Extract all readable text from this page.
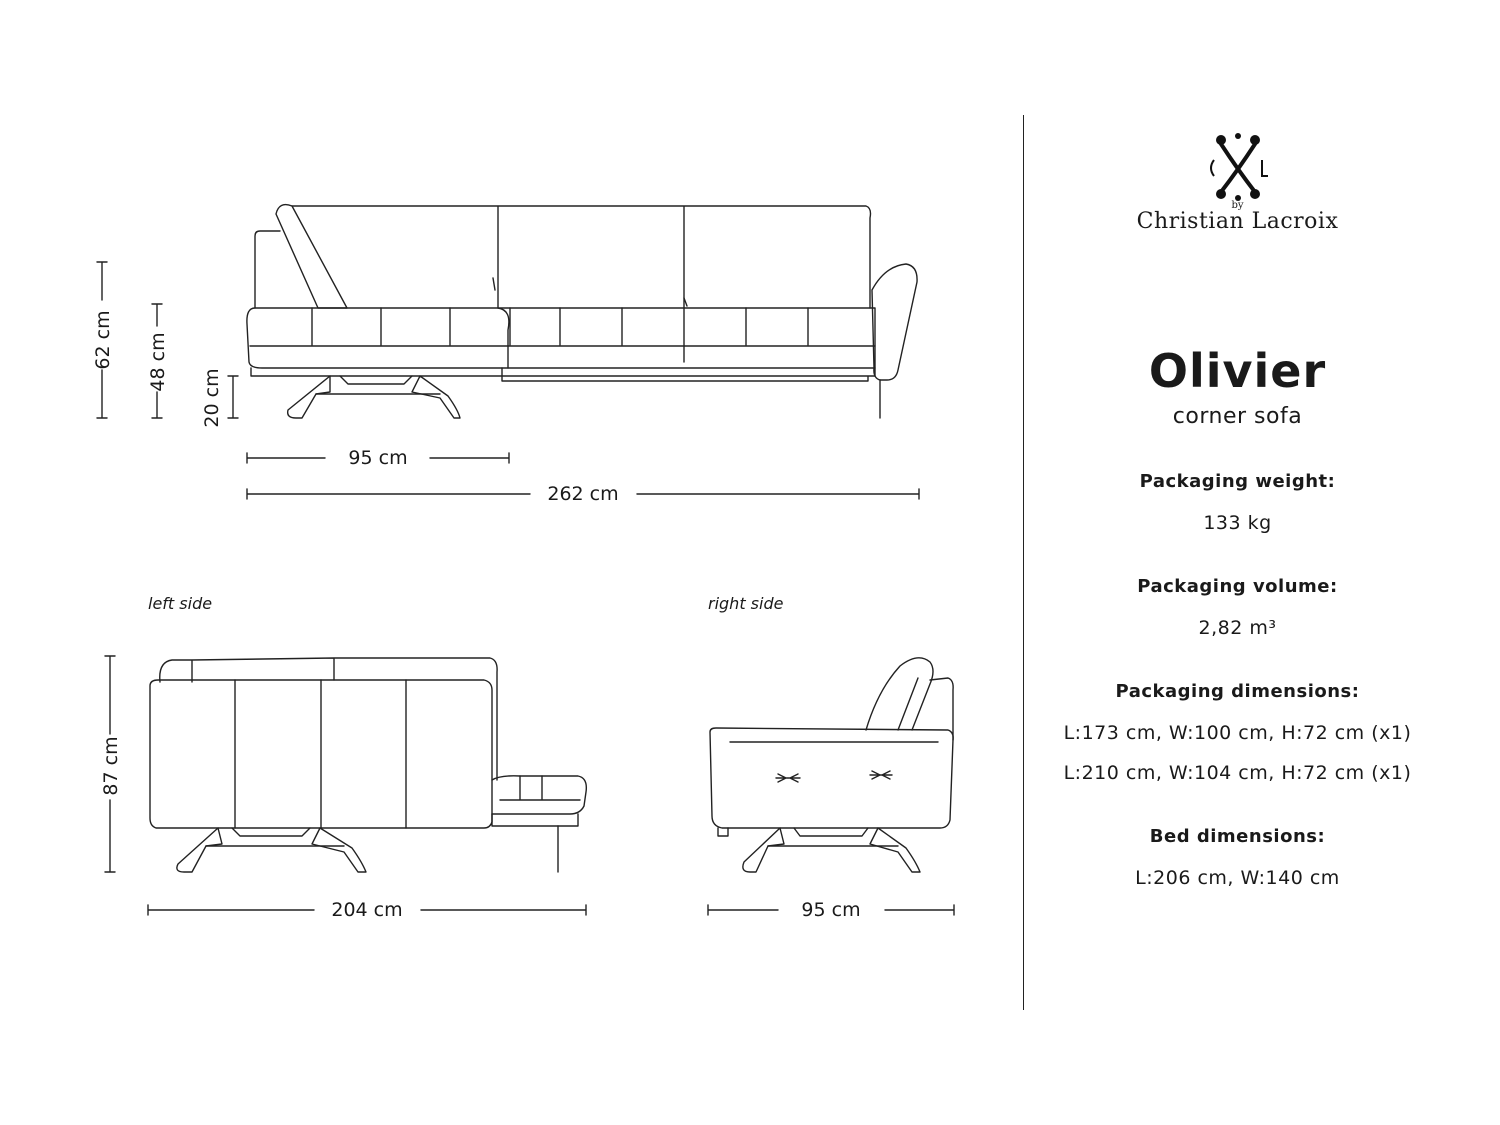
62 cm 48 cm
20 cm
95 cm
262 cm
left side
87 cm
204 cm
right side
95 cm
by
Christian Lacroix
Olivier
corner sofa
Packaging weight:
133 kg
Packaging volume:
2,82 m³
Packaging dimensions:
L:173 cm, W:100 cm, H:72 cm (x1)
L:210 cm, W:104 cm, H:72 cm (x1)
Bed dimensions:
L:206 cm, W:140 cm
